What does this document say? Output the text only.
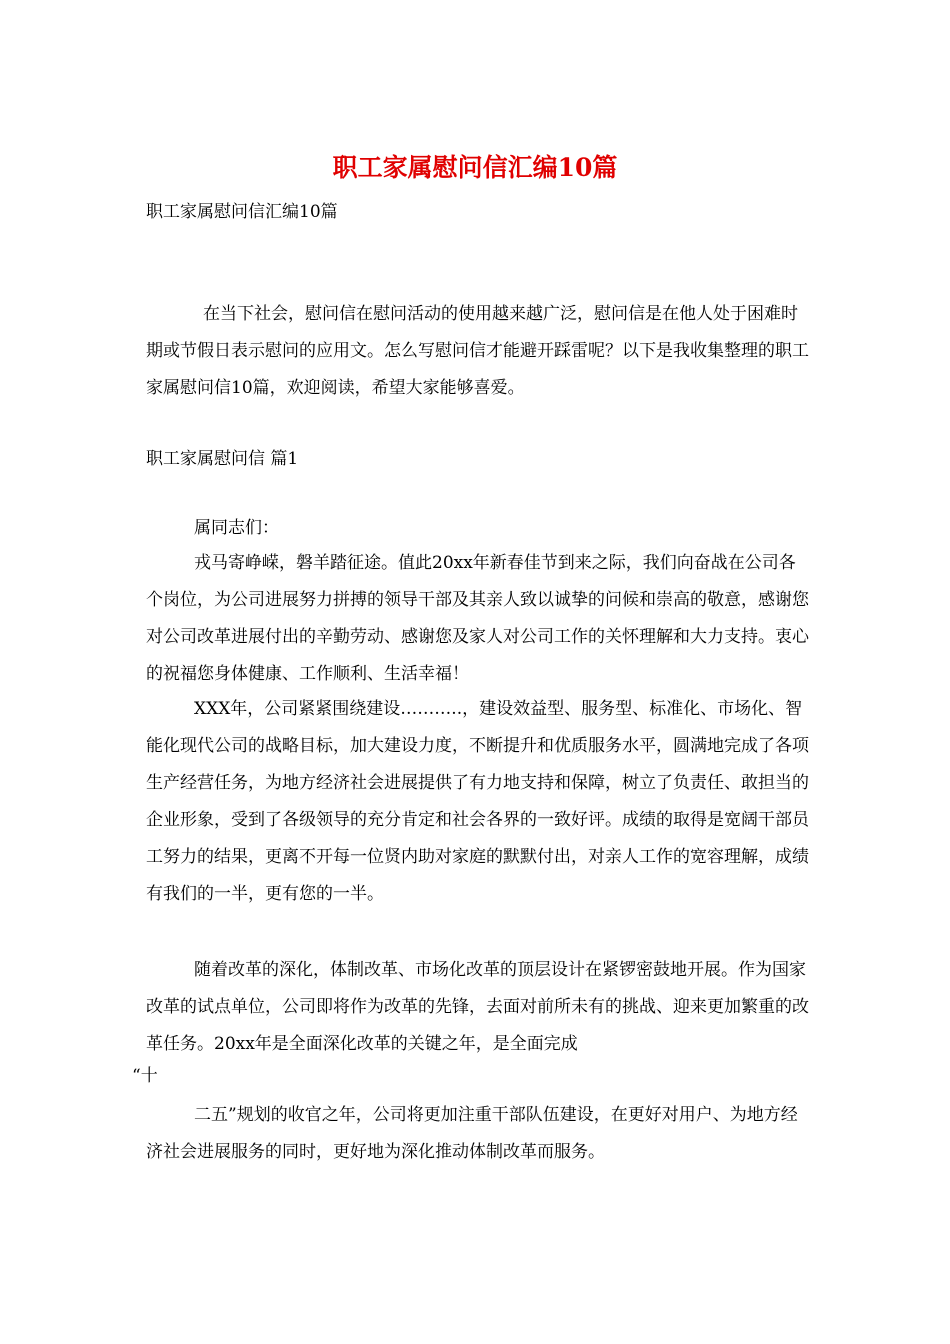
职工家属慰问信汇编10篇
职工家属慰问信汇编10篇
在当下社会，慰问信在慰问活动的使用越来越广泛，慰问信是在他人处于困难时期或节假日表示慰问的应用文。怎么写慰问信才能避开踩雷呢？以下是我收集整理的职工家属慰问信10篇，欢迎阅读，希望大家能够喜爱。
职工家属慰问信 篇1
属同志们：
戎马寄峥嵘，磐羊踏征途。值此20xx年新春佳节到来之际，我们向奋战在公司各个岗位，为公司进展努力拼搏的领导干部及其亲人致以诚挚的问候和崇高的敬意，感谢您对公司改革进展付出的辛勤劳动、感谢您及家人对公司工作的关怀理解和大力支持。衷心的祝福您身体健康、工作顺利、生活幸福！
XXX年，公司紧紧围绕建设………..，建设效益型、服务型、标准化、市场化、智能化现代公司的战略目标，加大建设力度，不断提升和优质服务水平，圆满地完成了各项生产经营任务，为地方经济社会进展提供了有力地支持和保障，树立了负责任、敢担当的企业形象，受到了各级领导的充分肯定和社会各界的一致好评。成绩的取得是宽阔干部员工努力的结果，更离不开每一位贤内助对家庭的默默付出，对亲人工作的宽容理解，成绩有我们的一半，更有您的一半。
随着改革的深化，体制改革、市场化改革的顶层设计在紧锣密鼓地开展。作为国家改革的试点单位，公司即将作为改革的先锋，去面对前所未有的挑战、迎来更加繁重的改革任务。20xx年是全面深化改革的关键之年，是全面完成
“十
二五”规划的收官之年，公司将更加注重干部队伍建设，在更好对用户、为地方经济社会进展服务的同时，更好地为深化推动体制改革而服务。
